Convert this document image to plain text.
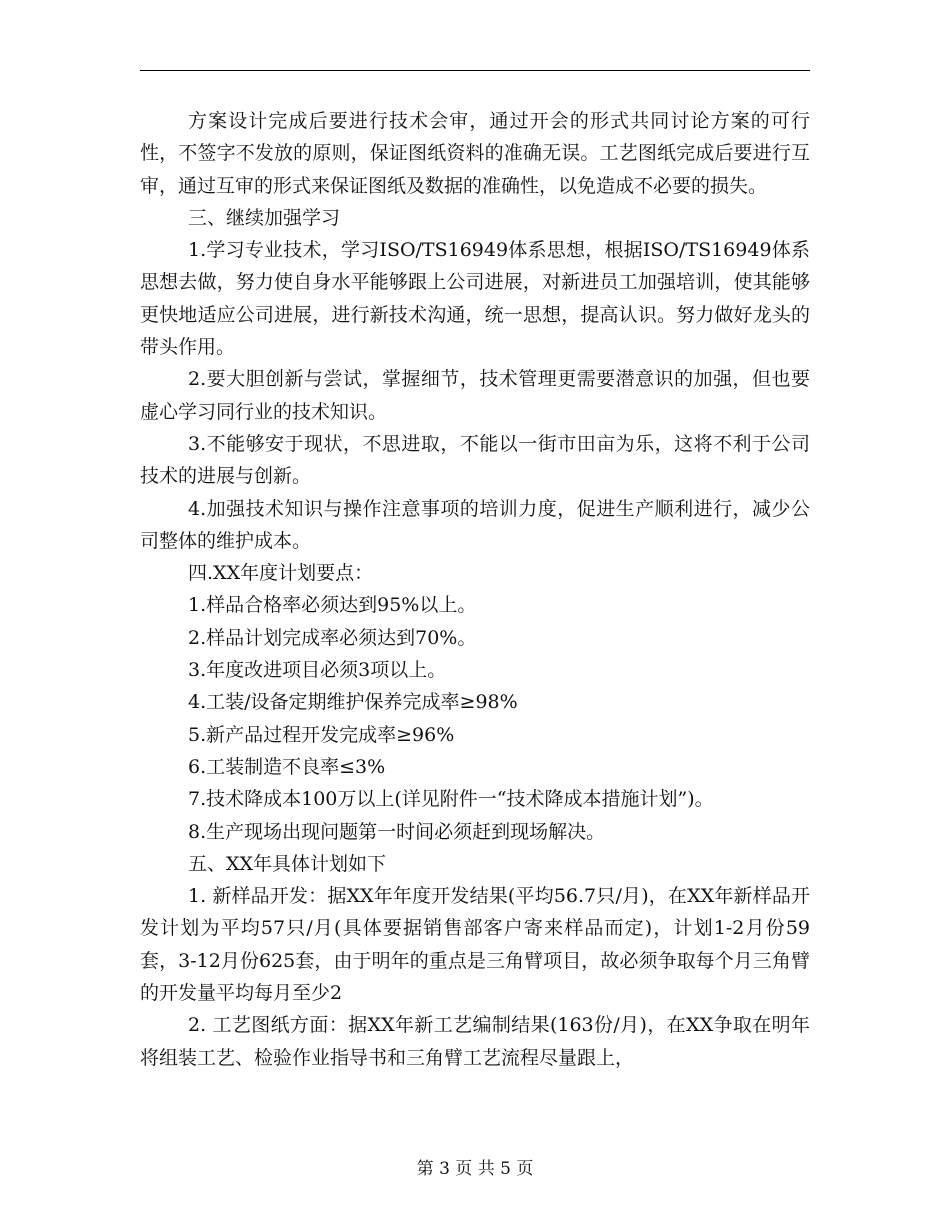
方案设计完成后要进行技术会审，通过开会的形式共同讨论方案的可行性，不签字不发放的原则，保证图纸资料的准确无误。工艺图纸完成后要进行互审，通过互审的形式来保证图纸及数据的准确性，以免造成不必要的损失。

三、继续加强学习

1.学习专业技术，学习ISO/TS16949体系思想，根据ISO/TS16949体系思想去做，努力使自身水平能够跟上公司进展，对新进员工加强培训，使其能够更快地适应公司进展，进行新技术沟通，统一思想，提高认识。努力做好龙头的带头作用。

2.要大胆创新与尝试，掌握细节，技术管理更需要潜意识的加强，但也要虚心学习同行业的技术知识。

3.不能够安于现状，不思进取，不能以一街市田亩为乐，这将不利于公司技术的进展与创新。

4.加强技术知识与操作注意事项的培训力度，促进生产顺利进行，减少公司整体的维护成本。

四.XX年度计划要点：

1.样品合格率必须达到95%以上。

2.样品计划完成率必须达到70%。

3.年度改进项目必须3项以上。

4.工装/设备定期维护保养完成率≥98%

5.新产品过程开发完成率≥96%

6.工装制造不良率≤3%

7.技术降成本100万以上(详见附件一“技术降成本措施计划”)。

8.生产现场出现问题第一时间必须赶到现场解决。

五、XX年具体计划如下

1. 新样品开发：据XX年年度开发结果(平均56.7只/月)，在XX年新样品开发计划为平均57只/月(具体要据销售部客户寄来样品而定)，计划1-2月份59套，3-12月份625套，由于明年的重点是三角臂项目，故必须争取每个月三角臂的开发量平均每月至少2

2. 工艺图纸方面：据XX年新工艺编制结果(163份/月)，在XX争取在明年将组装工艺、检验作业指导书和三角臂工艺流程尽量跟上，

第 3 页 共 5 页
